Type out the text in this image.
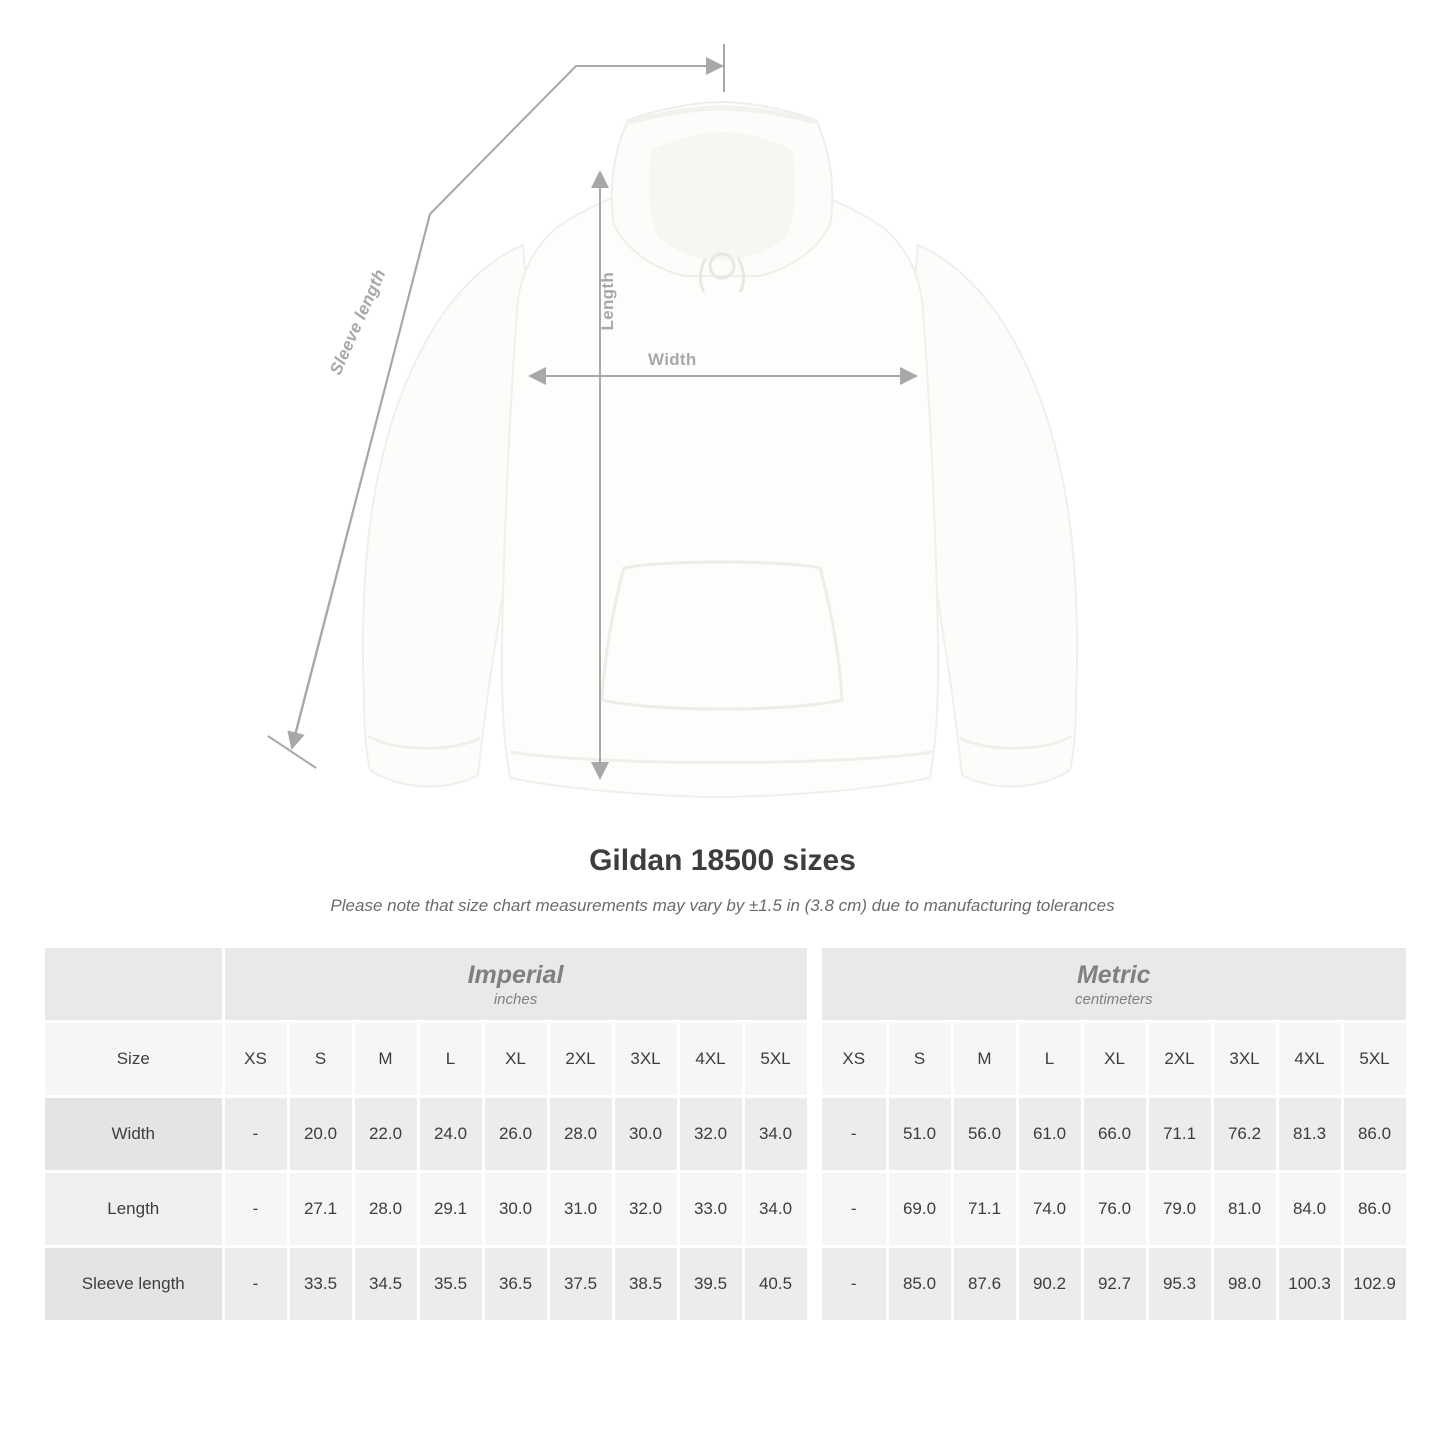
Width
Length
Sleeve length
Gildan 18500 sizes

Please note that size chart measurements may vary by ±1.5 in (3.8 cm) due to manufacturing tolerances

Imperial
inches

Metric
centimeters

Size	XS	S	M	L	XL	2XL	3XL	4XL	5XL		XS	S	M	L	XL	2XL	3XL	4XL	5XL
Width	-	20.0	22.0	24.0	26.0	28.0	30.0	32.0	34.0		-	51.0	56.0	61.0	66.0	71.1	76.2	81.3	86.0
Length	-	27.1	28.0	29.1	30.0	31.0	32.0	33.0	34.0		-	69.0	71.1	74.0	76.0	79.0	81.0	84.0	86.0
Sleeve length	-	33.5	34.5	35.5	36.5	37.5	38.5	39.5	40.5		-	85.0	87.6	90.2	92.7	95.3	98.0	100.3	102.9
